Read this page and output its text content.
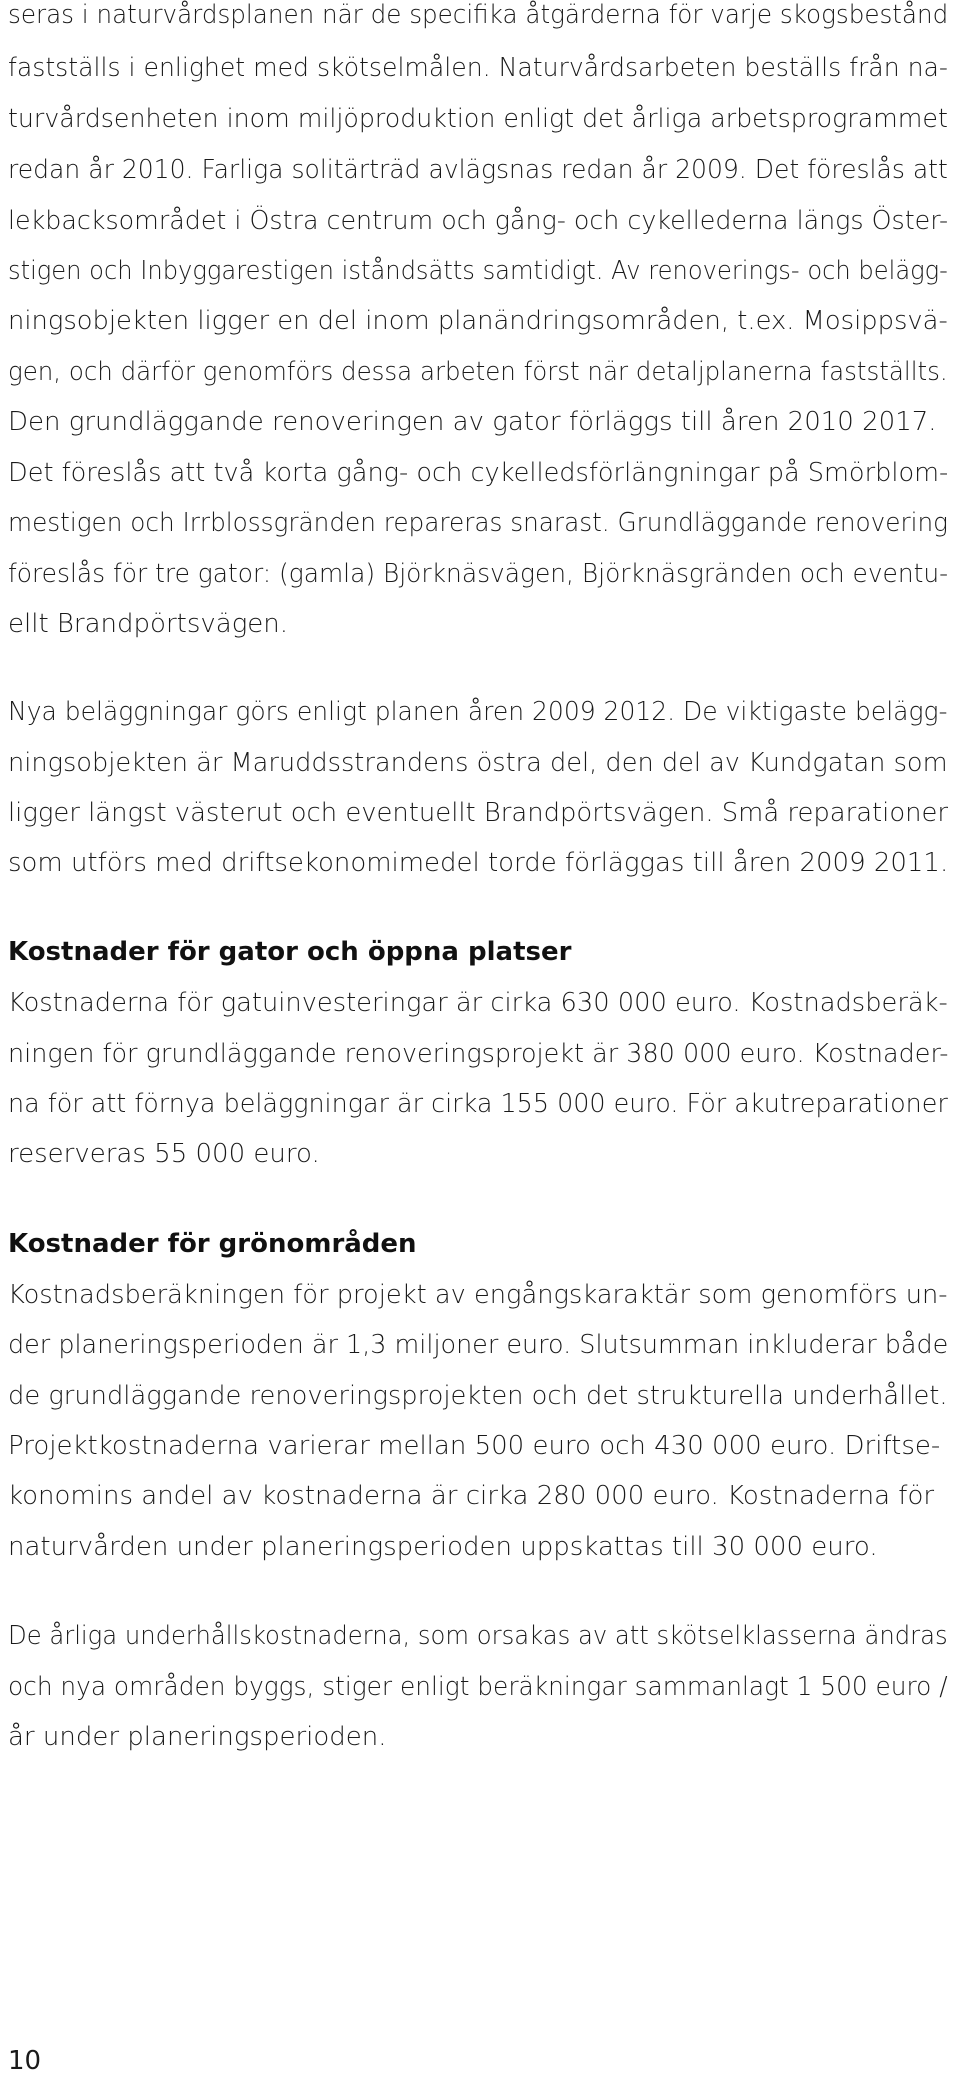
seras i naturvårdsplanen när de specifika åtgärderna för varje skogsbestånd
fastställs i enlighet med skötselmålen. Naturvårdsarbeten beställs från na-
turvårdsenheten inom miljöproduktion enligt det årliga arbetsprogrammet
redan år 2010. Farliga solitärträd avlägsnas redan år 2009. Det föreslås att
lekbacksområdet i Östra centrum och gång- och cykellederna längs Öster-
stigen och Inbyggarestigen iståndsätts samtidigt. Av renoverings- och belägg-
ningsobjekten ligger en del inom planändringsområden, t.ex. Mosippsvä-
gen, och därför genomförs dessa arbeten först när detaljplanerna fastställts.
Den grundläggande renoveringen av gator förläggs till åren 2010 2017.
Det föreslås att två korta gång- och cykelledsförlängningar på Smörblom-
mestigen och Irrblossgränden repareras snarast. Grundläggande renovering
föreslås för tre gator: (gamla) Björknäsvägen, Björknäsgränden och eventu-
ellt Brandpörtsvägen.
Nya beläggningar görs enligt planen åren 2009 2012. De viktigaste belägg-
ningsobjekten är Maruddsstrandens östra del, den del av Kundgatan som
ligger längst västerut och eventuellt Brandpörtsvägen. Små reparationer
som utförs med driftsekonomimedel torde förläggas till åren 2009 2011.
Kostnader för gator och öppna platser
Kostnaderna för gatuinvesteringar är cirka 630 000 euro. Kostnadsberäk-
ningen för grundläggande renoveringsprojekt är 380 000 euro. Kostnader-
na för att förnya beläggningar är cirka 155 000 euro. För akutreparationer
reserveras 55 000 euro.
Kostnader för grönområden
Kostnadsberäkningen för projekt av engångskaraktär som genomförs un-
der planeringsperioden är 1,3 miljoner euro. Slutsumman inkluderar både
de grundläggande renoveringsprojekten och det strukturella underhållet.
Projektkostnaderna varierar mellan 500 euro och 430 000 euro. Driftse-
konomins andel av kostnaderna är cirka 280 000 euro. Kostnaderna för
naturvården under planeringsperioden uppskattas till 30 000 euro.
De årliga underhållskostnaderna, som orsakas av att skötselklasserna ändras
och nya områden byggs, stiger enligt beräkningar sammanlagt 1 500 euro /
år under planeringsperioden.
10
